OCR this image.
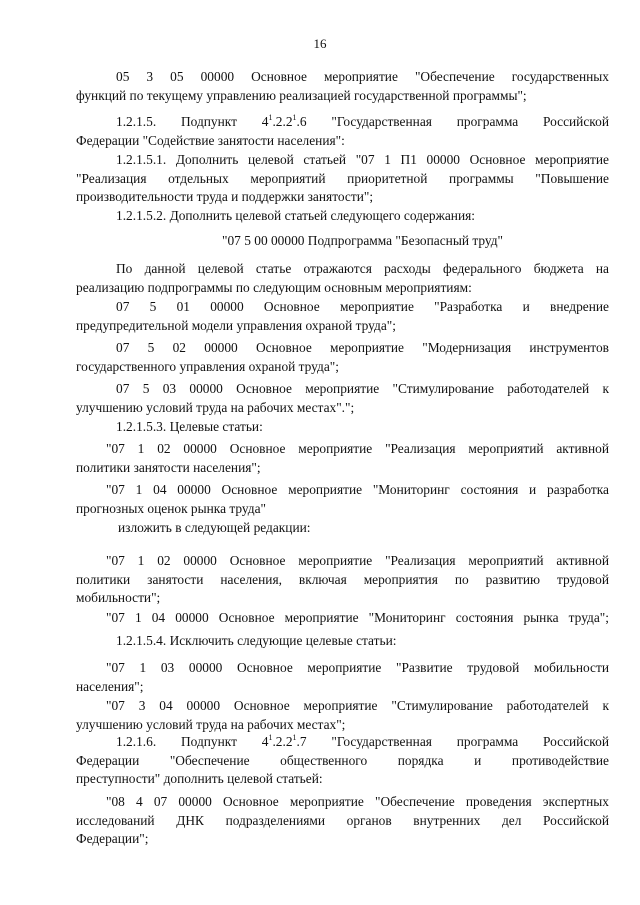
16
05 3 05 00000 Основное мероприятие "Обеспечение государственных
функций по текущему управлению реализацией государственной программы";
1.2.1.5. Подпункт $4^1.2.2^1.6$ "Государственная программа Российской
Федерации "Содействие занятости населения":
1.2.1.5.1. Дополнить целевой статьей "07 1 П1 00000 Основное мероприятие
"Реализация отдельных мероприятий приоритетной программы "Повышение
производительности труда и поддержки занятости";
1.2.1.5.2. Дополнить целевой статьей следующего содержания:
"07 5 00 00000 Подпрограмма "Безопасный труд"
По данной целевой статье отражаются расходы федерального бюджета на
реализацию подпрограммы по следующим основным мероприятиям:
07 5 01 00000 Основное мероприятие "Разработка и внедрение
предупредительной модели управления охраной труда";
07 5 02 00000 Основное мероприятие "Модернизация инструментов
государственного управления охраной труда";
07 5 03 00000 Основное мероприятие "Стимулирование работодателей к
улучшению условий труда на рабочих местах".";
1.2.1.5.3. Целевые статьи:
"07 1 02 00000 Основное мероприятие "Реализация мероприятий активной
политики занятости населения";
"07 1 04 00000 Основное мероприятие "Мониторинг состояния и разработка
прогнозных оценок рынка труда"
изложить в следующей редакции:
"07 1 02 00000 Основное мероприятие "Реализация мероприятий активной
политики занятости населения, включая мероприятия по развитию трудовой
мобильности";
"07 1 04 00000 Основное мероприятие "Мониторинг состояния рынка труда";
1.2.1.5.4. Исключить следующие целевые статьи:
"07 1 03 00000 Основное мероприятие "Развитие трудовой мобильности
населения";
"07 3 04 00000 Основное мероприятие "Стимулирование работодателей к
улучшению условий труда на рабочих местах";
1.2.1.6. Подпункт $4^1.2.2^1.7$ "Государственная программа Российской
Федерации "Обеспечение общественного порядка и противодействие
преступности" дополнить целевой статьей:
"08 4 07 00000 Основное мероприятие "Обеспечение проведения экспертных
исследований ДНК подразделениями органов внутренних дел Российской
Федерации";
